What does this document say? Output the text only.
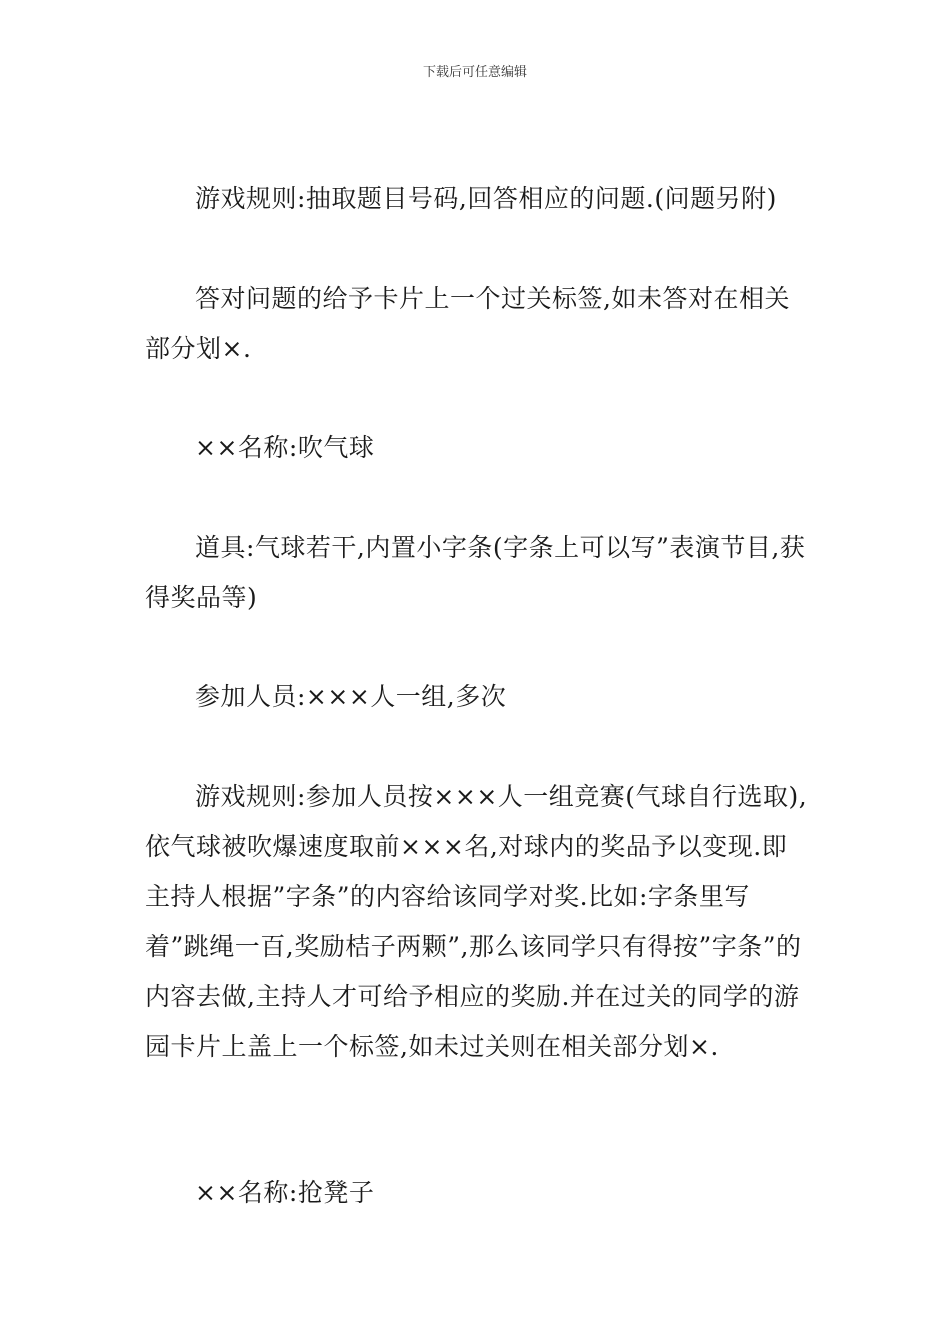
下载后可任意编辑

游戏规则:抽取题目号码,回答相应的问题.(问题另附)

答对问题的给予卡片上一个过关标签,如未答对在相关部分划×.

××名称:吹气球

道具:气球若干,内置小字条(字条上可以写”表演节目,获得奖品等)

参加人员:×××人一组,多次

游戏规则:参加人员按×××人一组竞赛(气球自行选取),依气球被吹爆速度取前×××名,对球内的奖品予以变现.即主持人根据”字条”的内容给该同学对奖.比如:字条里写着”跳绳一百,奖励桔子两颗”,那么该同学只有得按”字条”的内容去做,主持人才可给予相应的奖励.并在过关的同学的游园卡片上盖上一个标签,如未过关则在相关部分划×.

××名称:抢凳子
